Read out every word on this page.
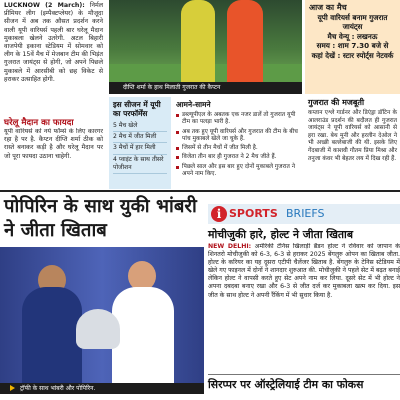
LUCKNOW (2 March): निर्मल प्रीमियर लीग (इम्पैक्टप्लेयर) के मौजूदा सीजन में अब तक औसत प्रदर्शन करने वाली यूपी वारियर्स पहली बार घरेलू मैदान मुकाबला खेलने उतरेगी. अटल बिहारी वाजपेयी इकाना स्टेडियम में सोमवार को लीग के 15वें मैच में मेजबान टीम की भिड़ंत गुजरात जायंट्स से होगी, जो अपने पिछले मुकाबले में आरसीबी को छह विकेट से हराकर उत्साहित होगी.
घरेलू मैदान का फायदा
यूपी वारियर्स को नये फॉर्म्स के लिए कारगर रहा है पर है. कैप्टन दीप्ति शर्मा ठीक को रास्ते बनाकर कड़ी है और घरेलू मैदान पर जो पूरा फायदा उठाना चाहेगी.
दीप्ति शर्मा के हाथ मिलाती गुजरात की कैप्टन
आज का मैच
यूपी वारियर्स बनाम गुजरात जायंट्स
मैच वेन्यू : लखनऊ
समय : शाम 7.30 बजे से
कहां देखें : स्टार स्पोर्ट्स नेटवर्क
इस सीजन में यूपी का परफॉर्मेंस
5 मैच खेले
2 मैच में जीत मिली
3 मैचों में हार मिली
4 प्वाइंट के साथ तीसरे पोजीशन
आमने-सामने
डब्ल्यूपीएल के अबतक एक नजर डालें तो गुजरात यूपी टीम का पलड़ा भारी है.
अब तक हुए यूपी वारियर्स और गुजरात की टीम के बीच पांच मुकाबले खेले जा चुके हैं.
जिसमें से तीन मैचों में जीत मिली है.
विजेता तीन बार ही गुजरात ने 2 मैच जीते हैं.
पिछले साल और इस बार हुए दोनों मुकाबले गुजरात ने अपने नाम किए.
गुजरात की मजबूती
कप्तान एश्ले गार्डनर और डिएंड्रा डॉटिन के आलराउंड प्रदर्शन की बदौलत ही गुजरात जायंट्स ने यूपी वारियर्स को आसानी से हरा रखा. बेथ मूनी और हरलीन देओल ने भी अच्छी बल्लेबाजी की थी. इसके लिए गेंदबाजी में काशवी गौतम प्रिया मिश्रा और तनुजा कंवर भी बेहतर लय में दिख रही हैं.
पोपिरिन के साथ युकी भांबरी ने जीता खिताब
ट्रॉफी के साथ भांबरी और पोपिरिन.
i SPORTS BRIEFS
मोचीजुकी हारे, होल्ट ने जीता खिताब
NEW DELHI: अमेरिकी टेनिस खिलाड़ी ब्रैंडन होल्ट ने रविवार को जापान के शिनतरो मोचीजुकी को 6-3, 6-3 से हराकर 2025 बेंगलुरु ओपन का खिताब जीता. होल्ट के करियर का यह दूसरा एटीपी चैलेंजर खिताब है. बेंगलुरु के टेनिस स्टेडियम में खेले गए फाइनल में दोनों ने शानदार शुरुआत की. मोचीजुकी ने पहले सेट में बढ़त बनाई लेकिन होल्ट ने वापसी करते हुए सेट अपने नाम कर लिया. दूसरे सेट में भी होल्ट ने अपना दबदबा बनाए रखा और 6-3 से जीत दर्ज कर मुकाबला खत्म कर दिया. इस जीत के साथ होल्ट ने अपनी रैंकिंग में भी सुधार किया है.
सिरप्पर पर ऑस्ट्रेलियाई टीम का फोकस
